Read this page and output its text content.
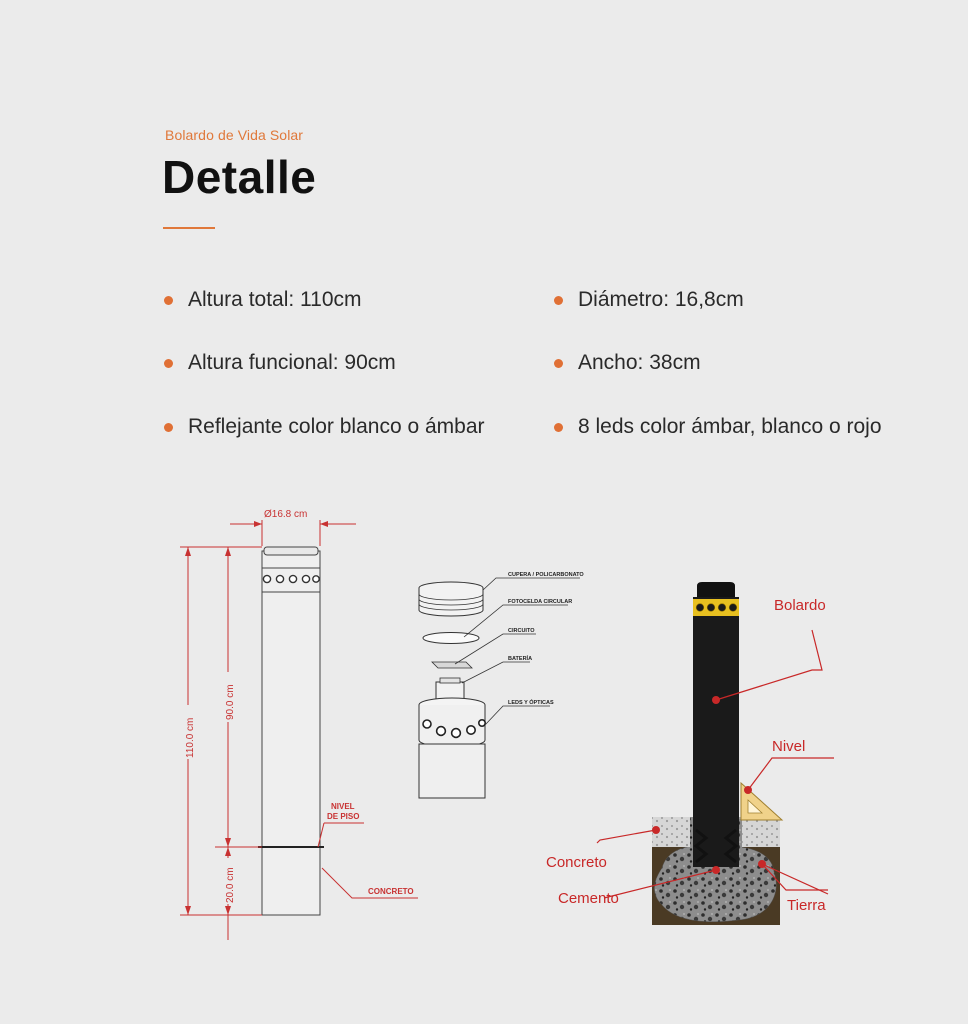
Bolardo de Vida Solar
Detalle
Altura total: 110cm
Altura funcional: 90cm
Reflejante color blanco o ámbar
Diámetro: 16,8cm
Ancho: 38cm
8 leds color ámbar, blanco o rojo
Ø16.8 cm
110.0 cm
90.0 cm
20.0 cm
NIVEL
DE PISO
CONCRETO
CUPERA / POLICARBONATO
FOTOCELDA CIRCULAR
CIRCUITO
BATERÍA
LEDS Y ÓPTICAS
Bolardo
Nivel
Concreto
Cemento	Tierra
